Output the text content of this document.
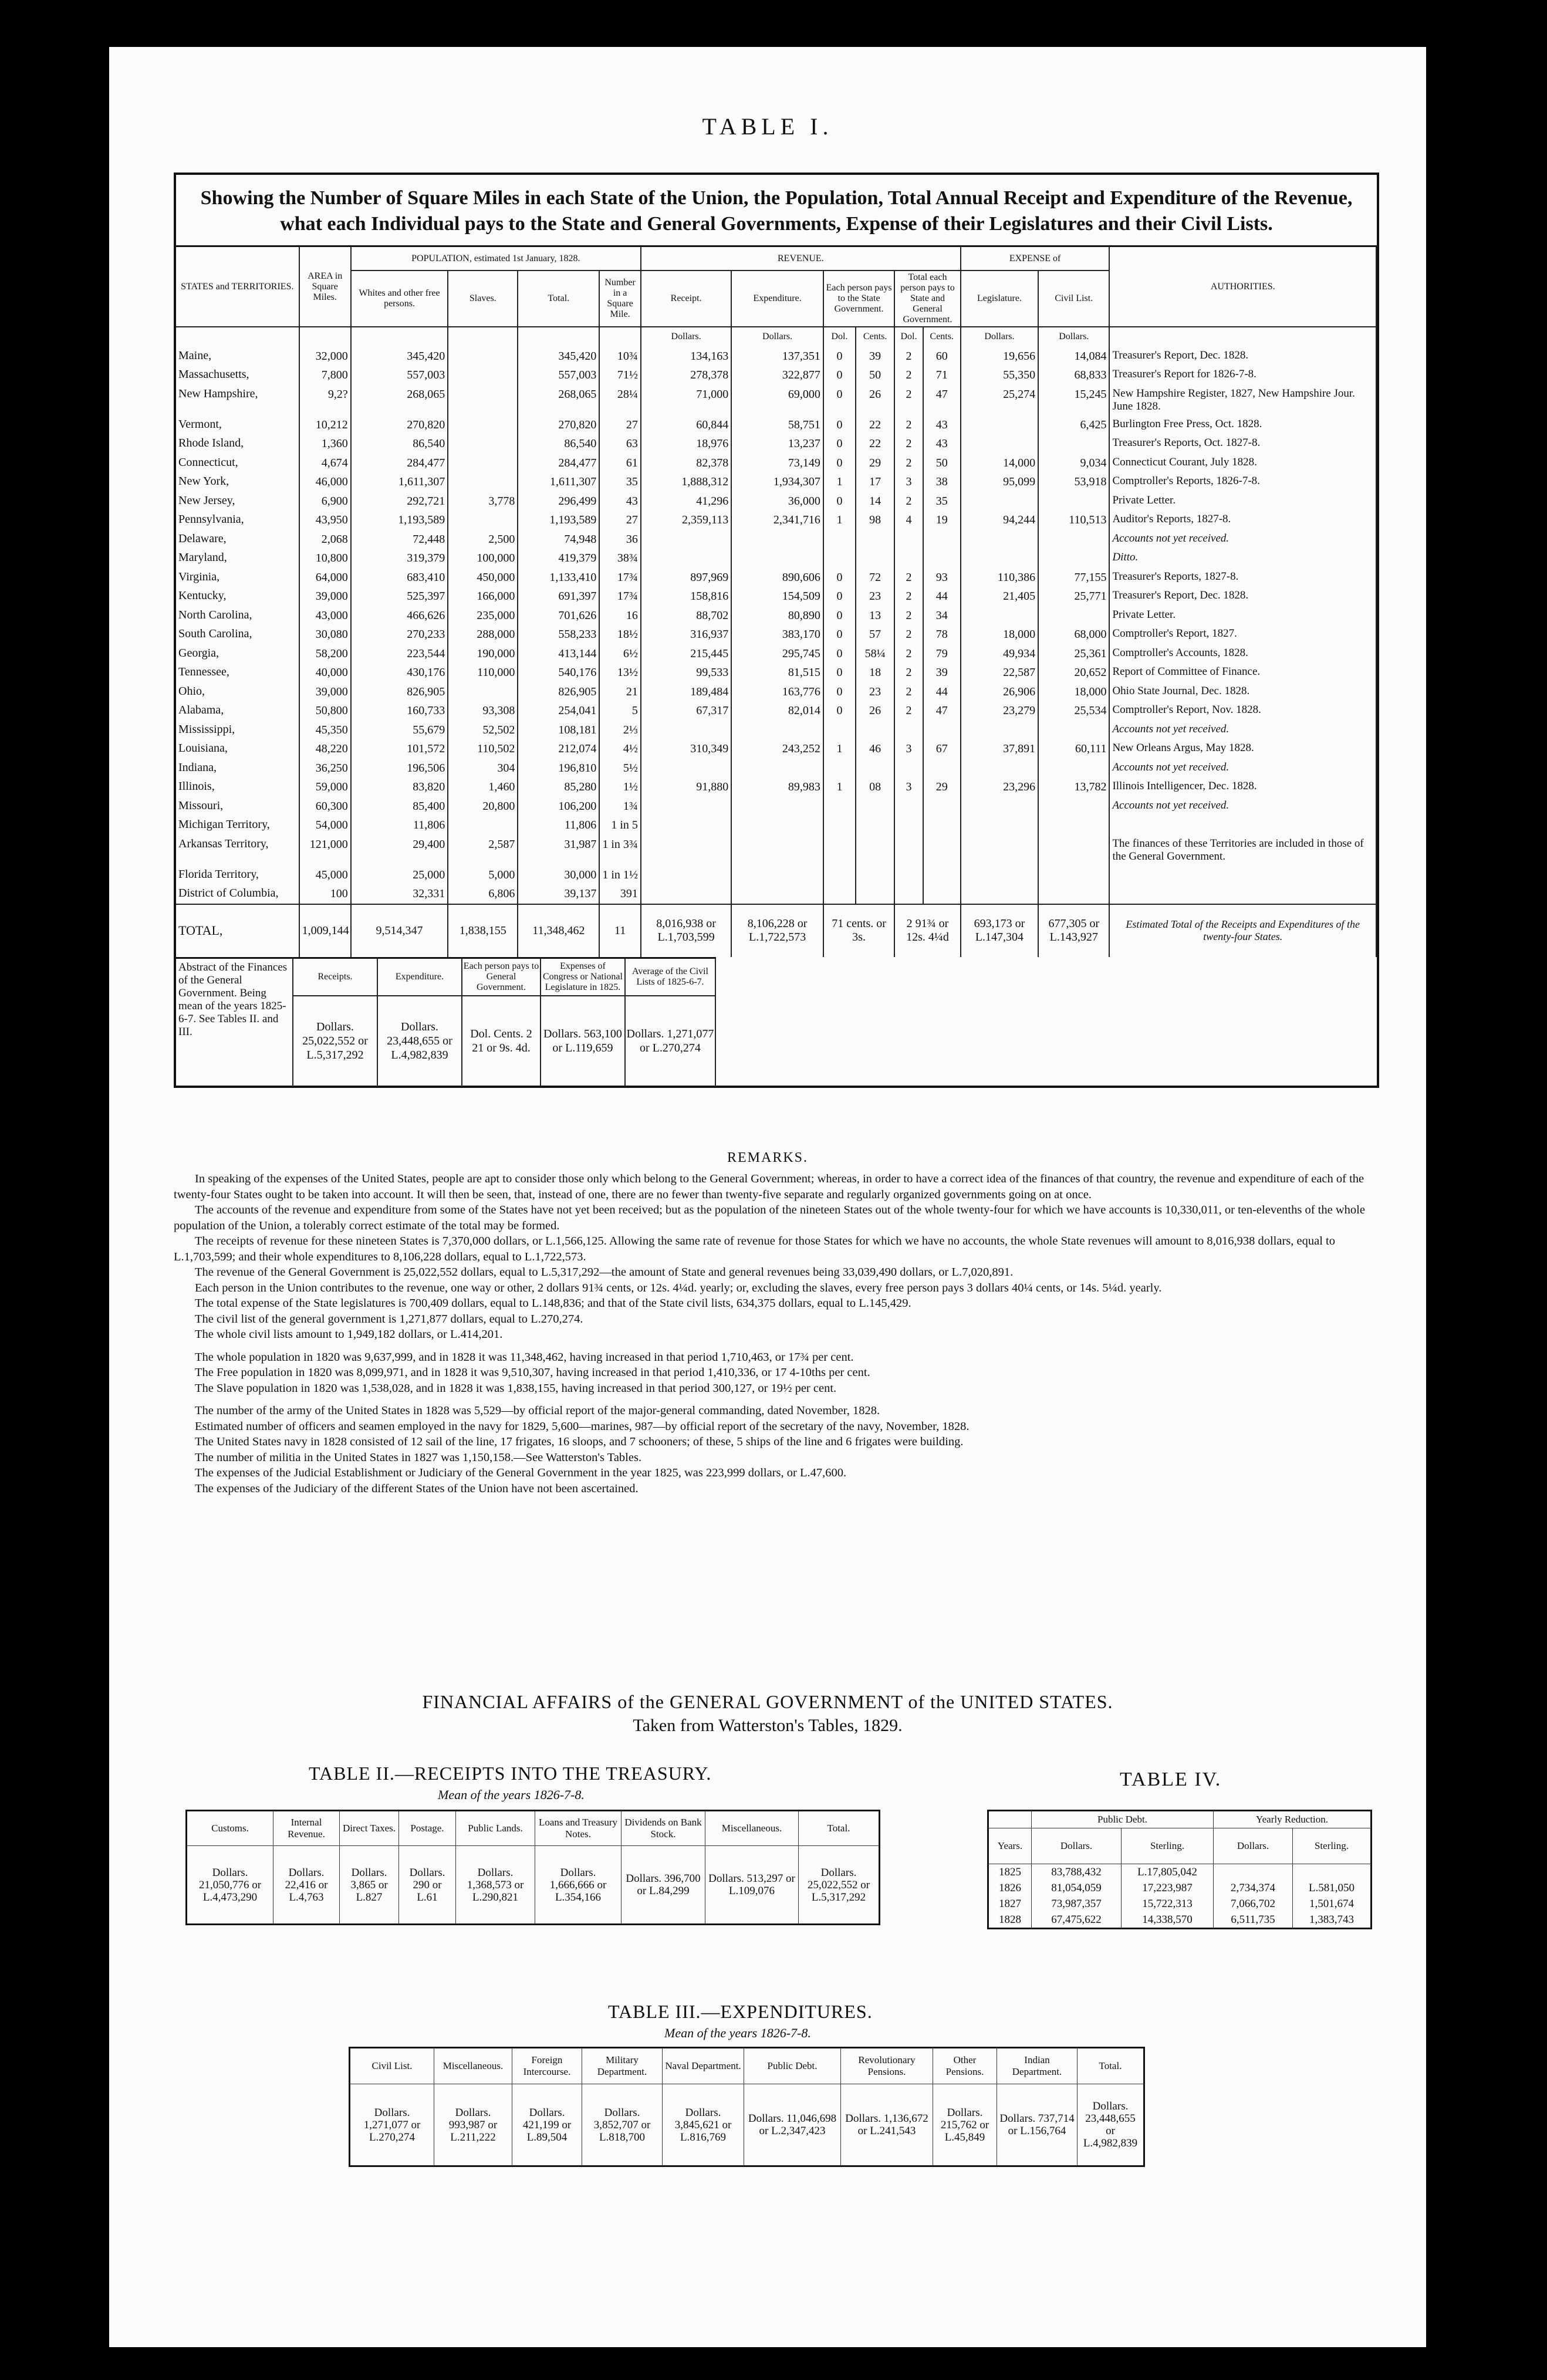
TABLE I.
Showing the Number of Square Miles in each State of the Union, the Population, Total Annual Receipt and Expenditure of the Revenue, what each Individual pays to the State and General Governments, Expense of their Legislatures and their Civil Lists.
STATES and TERRITORIES.	AREA in Square Miles.	POPULATION, estimated 1st January, 1828.				REVENUE.						EXPENSE of		AUTHORITIES.
		Whites and other free persons.	Slaves.	Total.	Number in a Square Mile.	Receipt.	Expenditure.	Each person pays to the State Government.		Total each person pays to State and General Government.		Legislature.	Civil List.	
						Dollars.	Dollars.	Dol.	Cents.	Dol.	Cents.	Dollars.	Dollars.	
Maine,	32,000	345,420		345,420	10¾	134,163	137,351	0	39	2	60	19,656	14,084	Treasurer's Report, Dec. 1828.
Massachusetts,	7,800	557,003		557,003	71½	278,378	322,877	0	50	2	71	55,350	68,833	Treasurer's Report for 1826-7-8.
New Hampshire,	9,2?	268,065		268,065	28¼	71,000	69,000	0	26	2	47	25,274	15,245	New Hampshire Register, 1827, New Hampshire Jour. June 1828.
Vermont,	10,212	270,820		270,820	27	60,844	58,751	0	22	2	43		6,425	Burlington Free Press, Oct. 1828.
Rhode Island,	1,360	86,540		86,540	63	18,976	13,237	0	22	2	43			Treasurer's Reports, Oct. 1827-8.
Connecticut,	4,674	284,477		284,477	61	82,378	73,149	0	29	2	50	14,000	9,034	Connecticut Courant, July 1828.
New York,	46,000	1,611,307		1,611,307	35	1,888,312	1,934,307	1	17	3	38	95,099	53,918	Comptroller's Reports, 1826-7-8.
New Jersey,	6,900	292,721	3,778	296,499	43	41,296	36,000	0	14	2	35			Private Letter.
Pennsylvania,	43,950	1,193,589		1,193,589	27	2,359,113	2,341,716	1	98	4	19	94,244	110,513	Auditor's Reports, 1827-8.
Delaware,	2,068	72,448	2,500	74,948	36									Accounts not yet received.
Maryland,	10,800	319,379	100,000	419,379	38¾									Ditto.
Virginia,	64,000	683,410	450,000	1,133,410	17¾	897,969	890,606	0	72	2	93	110,386	77,155	Treasurer's Reports, 1827-8.
Kentucky,	39,000	525,397	166,000	691,397	17¾	158,816	154,509	0	23	2	44	21,405	25,771	Treasurer's Report, Dec. 1828.
North Carolina,	43,000	466,626	235,000	701,626	16	88,702	80,890	0	13	2	34			Private Letter.
South Carolina,	30,080	270,233	288,000	558,233	18½	316,937	383,170	0	57	2	78	18,000	68,000	Comptroller's Report, 1827.
Georgia,	58,200	223,544	190,000	413,144	6½	215,445	295,745	0	58¼	2	79	49,934	25,361	Comptroller's Accounts, 1828.
Tennessee,	40,000	430,176	110,000	540,176	13½	99,533	81,515	0	18	2	39	22,587	20,652	Report of Committee of Finance.
Ohio,	39,000	826,905		826,905	21	189,484	163,776	0	23	2	44	26,906	18,000	Ohio State Journal, Dec. 1828.
Alabama,	50,800	160,733	93,308	254,041	5	67,317	82,014	0	26	2	47	23,279	25,534	Comptroller's Report, Nov. 1828.
Mississippi,	45,350	55,679	52,502	108,181	2⅓									Accounts not yet received.
Louisiana,	48,220	101,572	110,502	212,074	4½	310,349	243,252	1	46	3	67	37,891	60,111	New Orleans Argus, May 1828.
Indiana,	36,250	196,506	304	196,810	5½									Accounts not yet received.
Illinois,	59,000	83,820	1,460	85,280	1½	91,880	89,983	1	08	3	29	23,296	13,782	Illinois Intelligencer, Dec. 1828.
Missouri,	60,300	85,400	20,800	106,200	1¾									Accounts not yet received.
Michigan Territory,	54,000	11,806		11,806	1 in 5									
Arkansas Territory,	121,000	29,400	2,587	31,987	1 in 3¾									The finances of these Territories are included in those of the General Government.
Florida Territory,	45,000	25,000	5,000	30,000	1 in 1½									
District of Columbia,	100	32,331	6,806	39,137	391									
TOTAL,	1,009,144	9,514,347	1,838,155	11,348,462	11	8,016,938 or L.1,703,599	8,106,228 or L.1,722,573	71 cents. or 3s.		2 91¾ or 12s. 4¼d		693,173 or L.147,304	677,305 or L.143,927	Estimated Total of the Receipts and Expenditures of the twenty-four States.
Abstract of the Finances of the General Government. Being mean of the years 1825-6-7. See Tables II. and III.	Receipts.	Expenditure.	Each person pays to General Government.	Expenses of Congress or National Legislature in 1825.	Average of the Civil Lists of 1825-6-7.
	Dollars. 25,022,552 or L.5,317,292	Dollars. 23,448,655 or L.4,982,839	Dol. Cents. 2 21 or 9s. 4d.	Dollars. 563,100 or L.119,659	Dollars. 1,271,077 or L.270,274
REMARKS.

In speaking of the expenses of the United States, people are apt to consider those only which belong to the General Government; whereas, in order to have a correct idea of the finances of that country, the revenue and expenditure of each of the twenty-four States ought to be taken into account. It will then be seen, that, instead of one, there are no fewer than twenty-five separate and regularly organized governments going on at once.

The accounts of the revenue and expenditure from some of the States have not yet been received; but as the population of the nineteen States out of the whole twenty-four for which we have accounts is 10,330,011, or ten-elevenths of the whole population of the Union, a tolerably correct estimate of the total may be formed.

The receipts of revenue for these nineteen States is 7,370,000 dollars, or L.1,566,125. Allowing the same rate of revenue for those States for which we have no accounts, the whole State revenues will amount to 8,016,938 dollars, equal to L.1,703,599; and their whole expenditures to 8,106,228 dollars, equal to L.1,722,573.

The revenue of the General Government is 25,022,552 dollars, equal to L.5,317,292—the amount of State and general revenues being 33,039,490 dollars, or L.7,020,891.

Each person in the Union contributes to the revenue, one way or other, 2 dollars 91¾ cents, or 12s. 4¼d. yearly; or, excluding the slaves, every free person pays 3 dollars 40¼ cents, or 14s. 5¼d. yearly.

The total expense of the State legislatures is 700,409 dollars, equal to L.148,836; and that of the State civil lists, 634,375 dollars, equal to L.145,429.

The civil list of the general government is 1,271,877 dollars, equal to L.270,274.

The whole civil lists amount to 1,949,182 dollars, or L.414,201.

The whole population in 1820 was 9,637,999, and in 1828 it was 11,348,462, having increased in that period 1,710,463, or 17¾ per cent.

The Free population in 1820 was 8,099,971, and in 1828 it was 9,510,307, having increased in that period 1,410,336, or 17 4-10ths per cent.

The Slave population in 1820 was 1,538,028, and in 1828 it was 1,838,155, having increased in that period 300,127, or 19½ per cent.

The number of the army of the United States in 1828 was 5,529—by official report of the major-general commanding, dated November, 1828.

Estimated number of officers and seamen employed in the navy for 1829, 5,600—marines, 987—by official report of the secretary of the navy, November, 1828.

The United States navy in 1828 consisted of 12 sail of the line, 17 frigates, 16 sloops, and 7 schooners; of these, 5 ships of the line and 6 frigates were building.

The number of militia in the United States in 1827 was 1,150,158.—See Watterston's Tables.

The expenses of the Judicial Establishment or Judiciary of the General Government in the year 1825, was 223,999 dollars, or L.47,600.

The expenses of the Judiciary of the different States of the Union have not been ascertained.

FINANCIAL AFFAIRS of the GENERAL GOVERNMENT of the UNITED STATES.
Taken from Watterston's Tables, 1829.
TABLE II.—RECEIPTS INTO THE TREASURY.
Mean of the years 1826-7-8.
Customs.	Internal Revenue.	Direct Taxes.	Postage.	Public Lands.	Loans and Treasury Notes.	Dividends on Bank Stock.	Miscellaneous.	Total.
Dollars. 21,050,776 or L.4,473,290	Dollars. 22,416 or L.4,763	Dollars. 3,865 or L.827	Dollars. 290 or L.61	Dollars. 1,368,573 or L.290,821	Dollars. 1,666,666 or L.354,166	Dollars. 396,700 or L.84,299	Dollars. 513,297 or L.109,076	Dollars. 25,022,552 or L.5,317,292
TABLE IV.
	Public Debt.		Yearly Reduction.	
Years.	Dollars.	Sterling.	Dollars.	Sterling.
1825	83,788,432	L.17,805,042		
1826	81,054,059	17,223,987	2,734,374	L.581,050
1827	73,987,357	15,722,313	7,066,702	1,501,674
1828	67,475,622	14,338,570	6,511,735	1,383,743
TABLE III.—EXPENDITURES.
Mean of the years 1826-7-8.
Civil List.	Miscellaneous.	Foreign Intercourse.	Military Department.	Naval Department.	Public Debt.	Revolutionary Pensions.	Other Pensions.	Indian Department.	Total.
Dollars. 1,271,077 or L.270,274	Dollars. 993,987 or L.211,222	Dollars. 421,199 or L.89,504	Dollars. 3,852,707 or L.818,700	Dollars. 3,845,621 or L.816,769	Dollars. 11,046,698 or L.2,347,423	Dollars. 1,136,672 or L.241,543	Dollars. 215,762 or L.45,849	Dollars. 737,714 or L.156,764	Dollars. 23,448,655 or L.4,982,839
